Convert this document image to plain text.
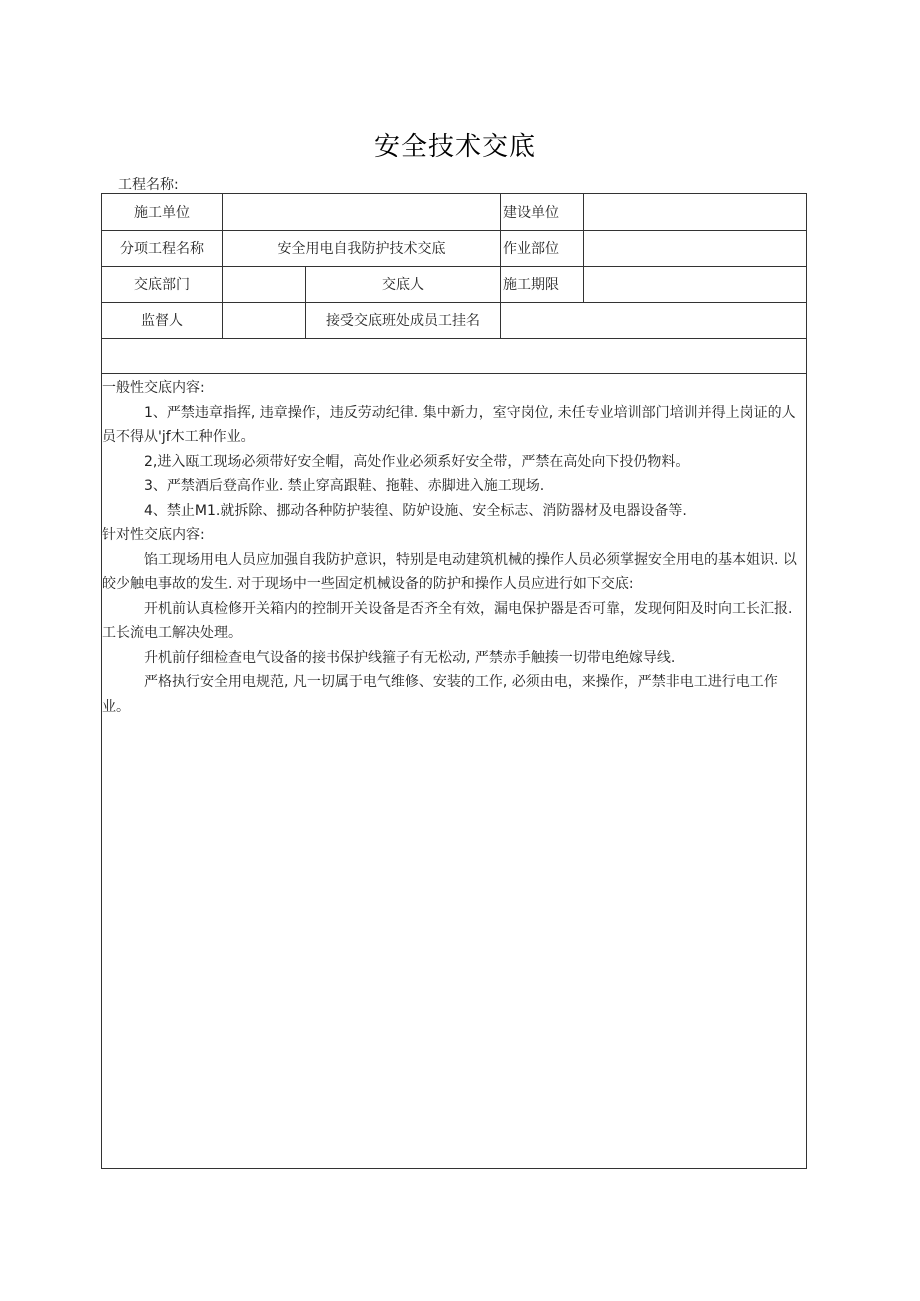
安全技术交底
工程名称:
施工单位	建设单位
分项工程名称	安全用电自我防护技术交底	作业部位
交底部门	交底人	施工期限
监督人	接受交底班处成员工挂名

一般性交底内容:

1、严禁违章指挥, 违章操作，违反劳动纪律. 集中新力，室守岗位, 未任专业培训部门培训并得上岗证的人员不得从'jf木工种作业。

2,进入瓯工现场必须带好安全帽，高处作业必须系好安全带，严禁在高处向下投仍物料。

3、严禁酒后登高作业. 禁止穿高跟鞋、拖鞋、赤脚进入施工现场.

4、禁止M1.就拆除、挪动各种防护装徨、防妒设施、安全标志、消防器材及电器设备等.

针对性交底内容:

馅工现场用电人员应加强自我防护意识，特别是电动建筑机械的操作人员必须掌握安全用电的基本姐识. 以皎少触电事故的发生. 对于现场中一些固定机械设备的防护和操作人员应进行如下交底:

开机前认真检修开关箱内的控制开关设备是否齐全有效，漏电保护器是否可靠，发现何阳及时向工长汇报. 工长流电工解决处理。

升机前仔细检查电气设备的接书保护线箍子有无松动, 严禁赤手触揍一切带电绝嫁导线.

严格执行安全用电规范, 凡一切属于电气维修、安装的工作, 必须由电，来操作，严禁非电工进行电工作业。
